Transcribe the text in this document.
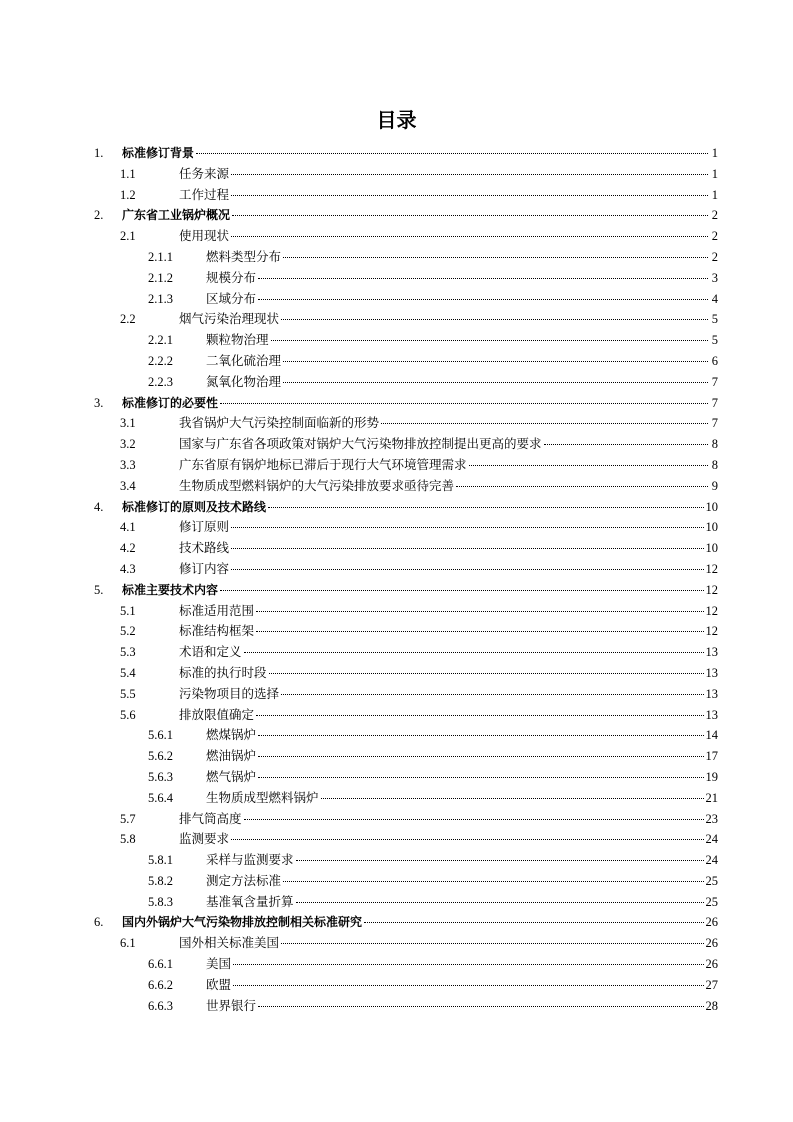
目录
1.	标准修订背景	1
1.1	任务来源	1
1.2	工作过程	1
2.	广东省工业锅炉概况	2
2.1	使用现状	2
2.1.1	燃料类型分布	2
2.1.2	规模分布	3
2.1.3	区域分布	4
2.2	烟气污染治理现状	5
2.2.1	颗粒物治理	5
2.2.2	二氧化硫治理	6
2.2.3	氮氧化物治理	7
3.	标准修订的必要性	7
3.1	我省锅炉大气污染控制面临新的形势	7
3.2	国家与广东省各项政策对锅炉大气污染物排放控制提出更高的要求	8
3.3	广东省原有锅炉地标已滞后于现行大气环境管理需求	8
3.4	生物质成型燃料锅炉的大气污染排放要求亟待完善	9
4.	标准修订的原则及技术路线	10
4.1	修订原则	10
4.2	技术路线	10
4.3	修订内容	12
5.	标准主要技术内容	12
5.1	标准适用范围	12
5.2	标准结构框架	12
5.3	术语和定义	13
5.4	标准的执行时段	13
5.5	污染物项目的选择	13
5.6	排放限值确定	13
5.6.1	燃煤锅炉	14
5.6.2	燃油锅炉	17
5.6.3	燃气锅炉	19
5.6.4	生物质成型燃料锅炉	21
5.7	排气筒高度	23
5.8	监测要求	24
5.8.1	采样与监测要求	24
5.8.2	测定方法标准	25
5.8.3	基准氧含量折算	25
6.	国内外锅炉大气污染物排放控制相关标准研究	26
6.1	国外相关标准美国	26
6.6.1	美国	26
6.6.2	欧盟	27
6.6.3	世界银行	28
